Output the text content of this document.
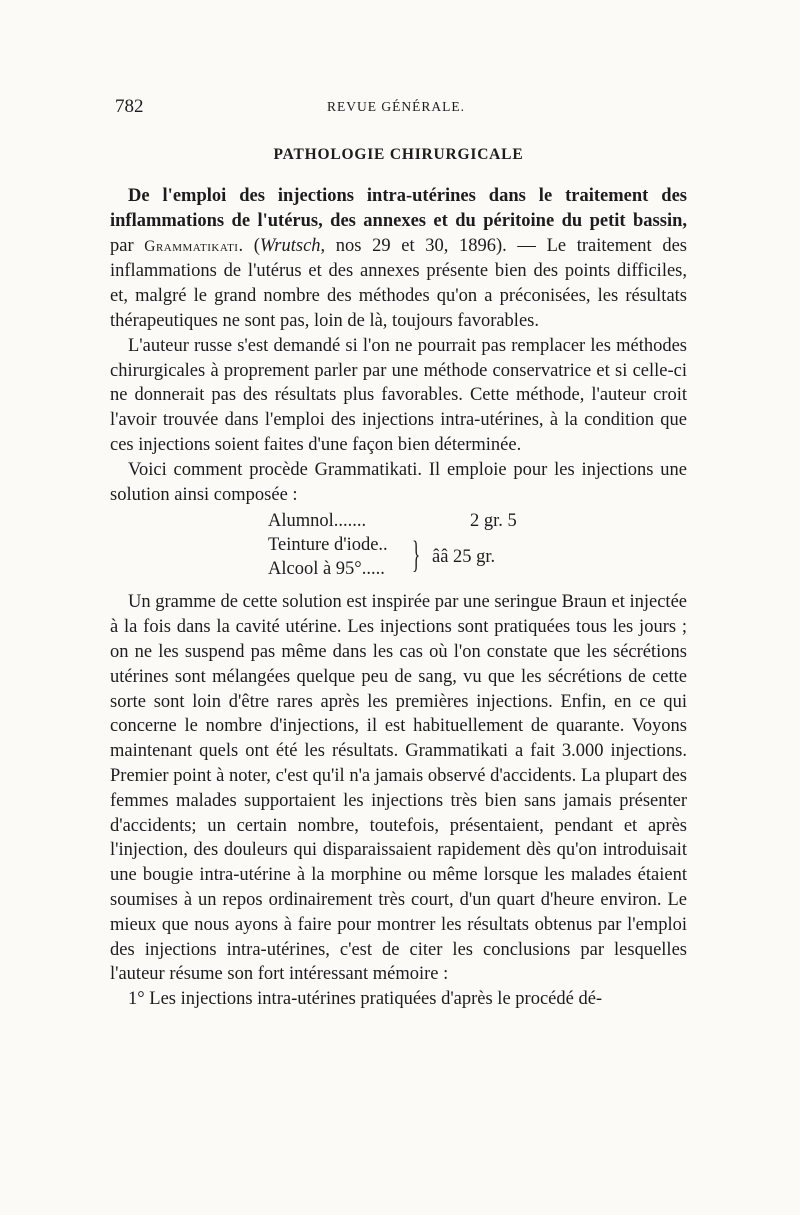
782	REVUE GÉNÉRALE.
PATHOLOGIE CHIRURGICALE

De l'emploi des injections intra-utérines dans le traitement des inflammations de l'utérus, des annexes et du péritoine du petit bassin, par Grammatikati. (Wrutsch, nos 29 et 30, 1896). — Le traitement des inflammations de l'utérus et des annexes présente bien des points difficiles, et, malgré le grand nombre des méthodes qu'on a préconisées, les résultats thérapeutiques ne sont pas, loin de là, toujours favorables.

L'auteur russe s'est demandé si l'on ne pourrait pas remplacer les méthodes chirurgicales à proprement parler par une méthode conservatrice et si celle-ci ne donnerait pas des résultats plus favorables. Cette méthode, l'auteur croit l'avoir trouvée dans l'emploi des injections intra-utérines, à la condition que ces injections soient faites d'une façon bien déterminée.

Voici comment procède Grammatikati. Il emploie pour les injections une solution ainsi composée :

Alumnol.......	2 gr. 5
Teinture d'iode..
Alcool à 95°..... } ââ 25 gr.

Un gramme de cette solution est inspirée par une seringue Braun et injectée à la fois dans la cavité utérine. Les injections sont pratiquées tous les jours ; on ne les suspend pas même dans les cas où l'on constate que les sécrétions utérines sont mélangées quelque peu de sang, vu que les sécrétions de cette sorte sont loin d'être rares après les premières injections. Enfin, en ce qui concerne le nombre d'injections, il est habituellement de quarante. Voyons maintenant quels ont été les résultats. Grammatikati a fait 3.000 injections. Premier point à noter, c'est qu'il n'a jamais observé d'accidents. La plupart des femmes malades supportaient les injections très bien sans jamais présenter d'accidents; un certain nombre, toutefois, présentaient, pendant et après l'injection, des douleurs qui disparaissaient rapidement dès qu'on introduisait une bougie intra-utérine à la morphine ou même lorsque les malades étaient soumises à un repos ordinairement très court, d'un quart d'heure environ. Le mieux que nous ayons à faire pour montrer les résultats obtenus par l'emploi des injections intra-utérines, c'est de citer les conclusions par lesquelles l'auteur résume son fort intéressant mémoire :

1° Les injections intra-utérines pratiquées d'après le procédé dé-
